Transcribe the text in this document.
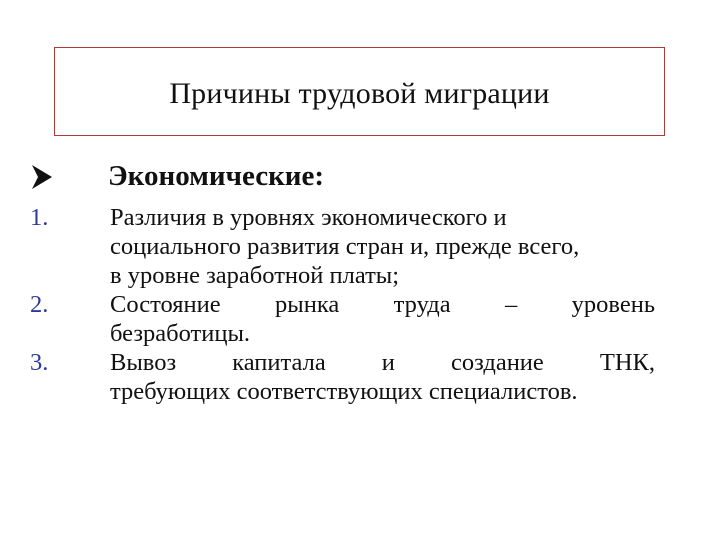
Причины трудовой миграции
Экономические:
1.	Различия в уровнях экономического и
социального развития стран и, прежде всего,
в уровне заработной платы;
2.	Состояние рынка труда – уровень
безработицы.
3.	Вывоз капитала и создание ТНК,
требующих соответствующих специалистов.
